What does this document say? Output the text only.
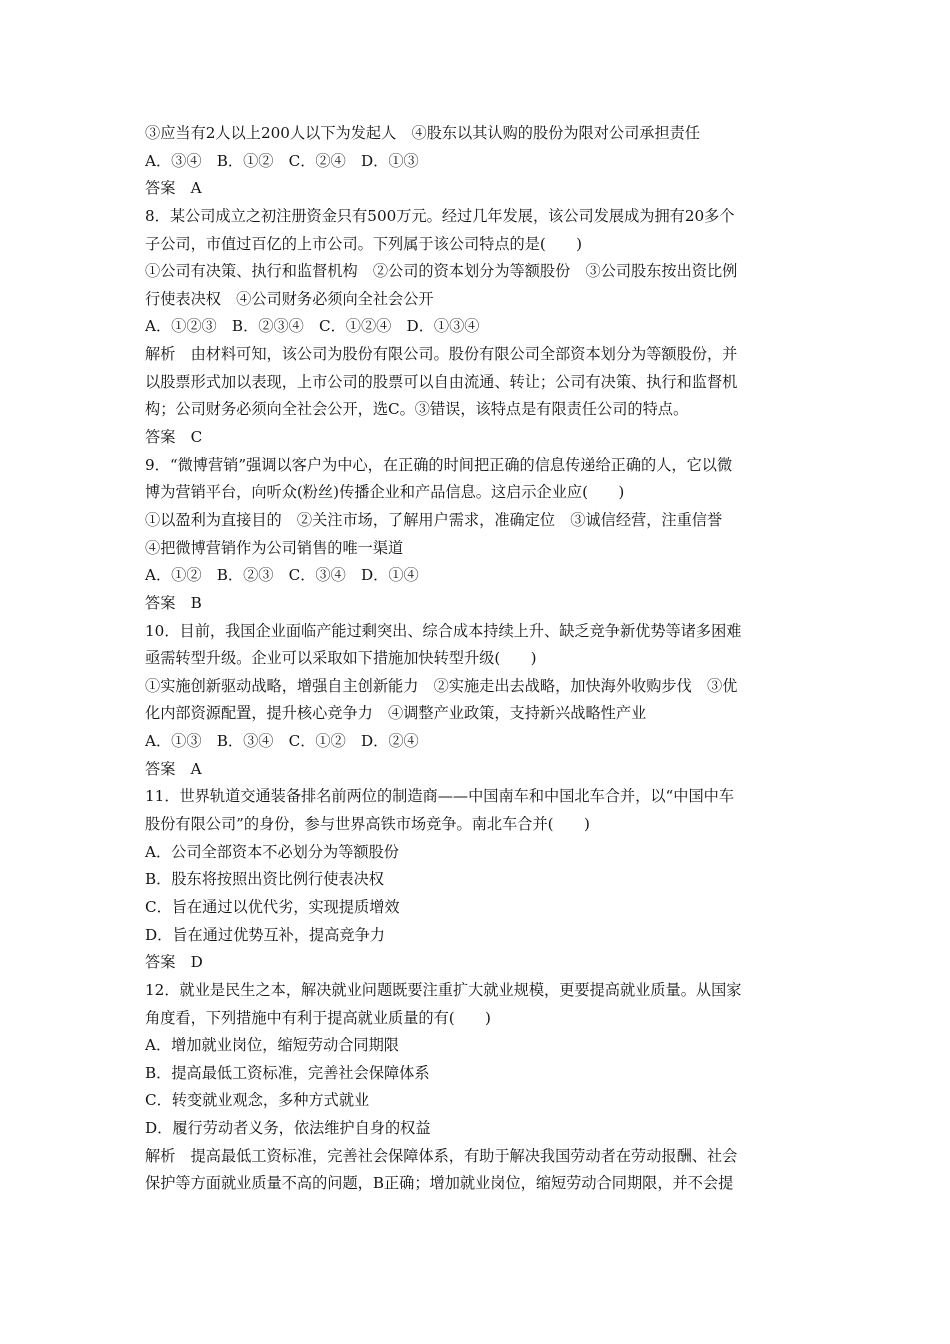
③应当有2人以上200人以下为发起人　④股东以其认购的股份为限对公司承担责任
A．③④　B．①②　C．②④　D．①③
答案　A
8．某公司成立之初注册资金只有500万元。经过几年发展，该公司发展成为拥有20多个
子公司，市值过百亿的上市公司。下列属于该公司特点的是(　　)
①公司有决策、执行和监督机构　②公司的资本划分为等额股份　③公司股东按出资比例
行使表决权　④公司财务必须向全社会公开
A．①②③　B．②③④　C．①②④　D．①③④
解析　由材料可知，该公司为股份有限公司。股份有限公司全部资本划分为等额股份，并
以股票形式加以表现，上市公司的股票可以自由流通、转让；公司有决策、执行和监督机
构；公司财务必须向全社会公开，选C。③错误，该特点是有限责任公司的特点。
答案　C
9．“微博营销”强调以客户为中心，在正确的时间把正确的信息传递给正确的人，它以微
博为营销平台，向听众(粉丝)传播企业和产品信息。这启示企业应(　　)
①以盈利为直接目的　②关注市场，了解用户需求，准确定位　③诚信经营，注重信誉
④把微博营销作为公司销售的唯一渠道
A．①②　B．②③　C．③④　D．①④
答案　B
10．目前，我国企业面临产能过剩突出、综合成本持续上升、缺乏竞争新优势等诸多困难
亟需转型升级。企业可以采取如下措施加快转型升级(　　)
①实施创新驱动战略，增强自主创新能力　②实施走出去战略，加快海外收购步伐　③优
化内部资源配置，提升核心竞争力　④调整产业政策，支持新兴战略性产业
A．①③　B．③④　C．①②　D．②④
答案　A
11．世界轨道交通装备排名前两位的制造商——中国南车和中国北车合并，以“中国中车
股份有限公司”的身份，参与世界高铁市场竞争。南北车合并(　　)
A．公司全部资本不必划分为等额股份
B．股东将按照出资比例行使表决权
C．旨在通过以优代劣，实现提质增效
D．旨在通过优势互补，提高竞争力
答案　D
12．就业是民生之本，解决就业问题既要注重扩大就业规模，更要提高就业质量。从国家
角度看，下列措施中有利于提高就业质量的有(　　)
A．增加就业岗位，缩短劳动合同期限
B．提高最低工资标准，完善社会保障体系
C．转变就业观念，多种方式就业
D．履行劳动者义务，依法维护自身的权益
解析　提高最低工资标准，完善社会保障体系，有助于解决我国劳动者在劳动报酬、社会
保护等方面就业质量不高的问题，B正确；增加就业岗位，缩短劳动合同期限，并不会提
